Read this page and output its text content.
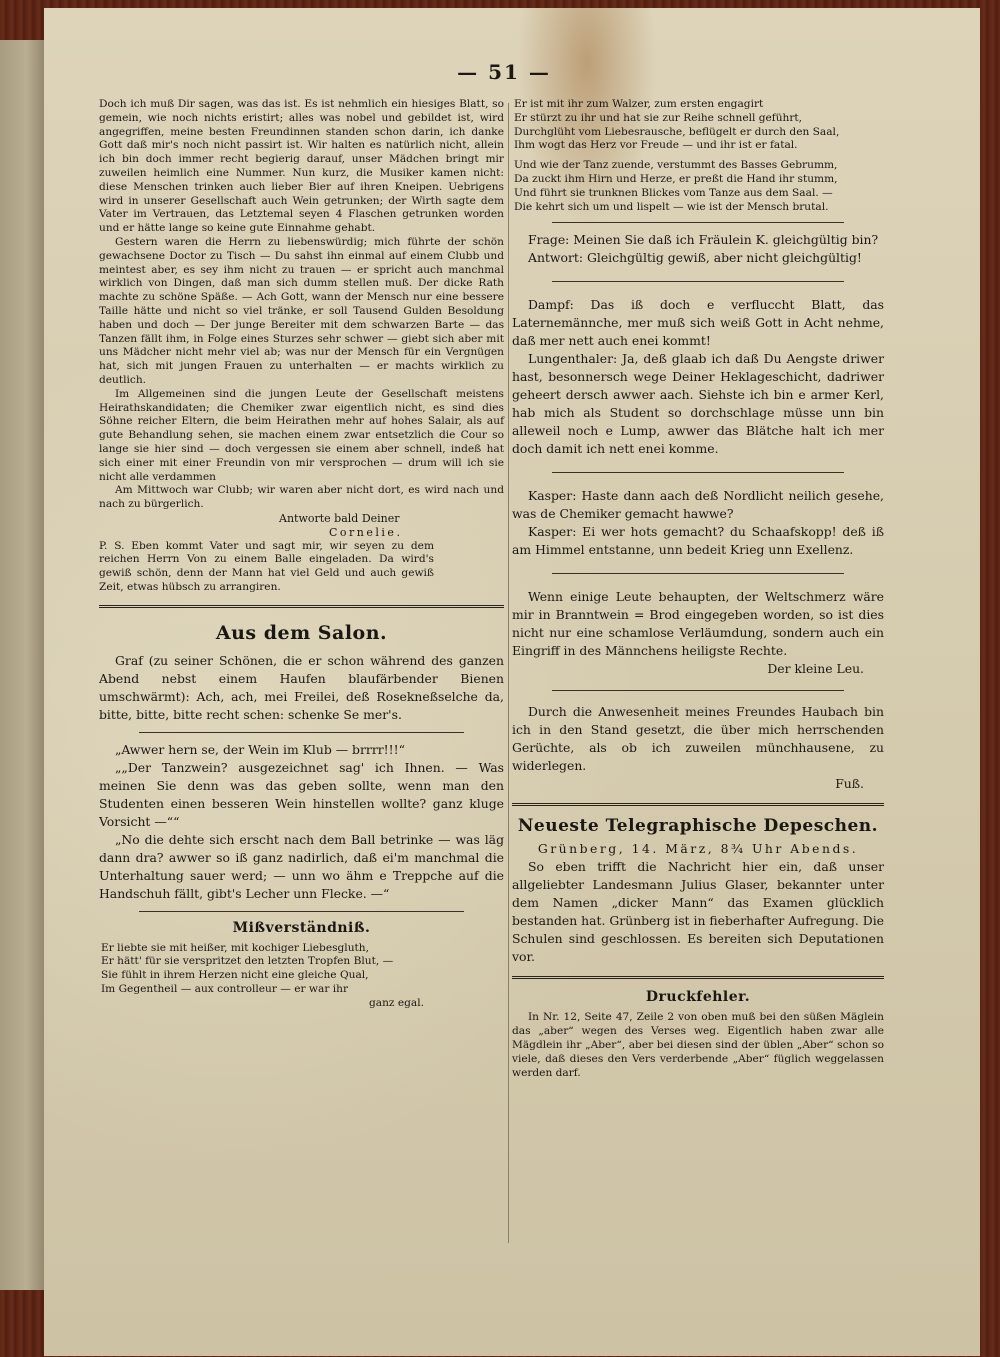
— 51 —

Doch ich muß Dir sagen, was das ist. Es ist nehmlich ein hiesiges Blatt, so gemein, wie noch nichts eristirt; alles was nobel und gebildet ist, wird angegriffen, meine besten Freundinnen standen schon darin, ich danke Gott daß mir's noch nicht passirt ist. Wir halten es natürlich nicht, allein ich bin doch immer recht begierig darauf, unser Mädchen bringt mir zuweilen heimlich eine Nummer. Nun kurz, die Musiker kamen nicht: diese Menschen trinken auch lieber Bier auf ihren Kneipen. Uebrigens wird in unserer Gesellschaft auch Wein getrunken; der Wirth sagte dem Vater im Vertrauen, das Letztemal seyen 4 Flaschen getrunken worden und er hätte lange so keine gute Einnahme gehabt.

Gestern waren die Herrn zu liebenswürdig; mich führte der schön gewachsene Doctor zu Tisch — Du sahst ihn einmal auf einem Clubb und meintest aber, es sey ihm nicht zu trauen — er spricht auch manchmal wirklich von Dingen, daß man sich dumm stellen muß. Der dicke Rath machte zu schöne Späße. — Ach Gott, wann der Mensch nur eine bessere Taille hätte und nicht so viel tränke, er soll Tausend Gulden Besoldung haben und doch — Der junge Bereiter mit dem schwarzen Barte — das Tanzen fällt ihm, in Folge eines Sturzes sehr schwer — giebt sich aber mit uns Mädcher nicht mehr viel ab; was nur der Mensch für ein Vergnügen hat, sich mit jungen Frauen zu unterhalten — er machts wirklich zu deutlich.

Im Allgemeinen sind die jungen Leute der Gesellschaft meistens Heirathskandidaten; die Chemiker zwar eigentlich nicht, es sind dies Söhne reicher Eltern, die beim Heirathen mehr auf hohes Salair, als auf gute Behandlung sehen, sie machen einem zwar entsetzlich die Cour so lange sie hier sind — doch vergessen sie einem aber schnell, indeß hat sich einer mit einer Freundin von mir versprochen — drum will ich sie nicht alle verdammen

Am Mittwoch war Clubb; wir waren aber nicht dort, es wird nach und nach zu bürgerlich.

Antworte bald Deiner
Cornelie.

P. S. Eben kommt Vater und sagt mir, wir seyen zu dem reichen Herrn Von zu einem Balle eingeladen. Da wird's gewiß schön, denn der Mann hat viel Geld und auch gewiß Zeit, etwas hübsch zu arrangiren.

Aus dem Salon.

Graf (zu seiner Schönen, die er schon während des ganzen Abend nebst einem Haufen blaufärbender Bienen umschwärmt): Ach, ach, mei Freilei, deß Rosekneßselche da, bitte, bitte, bitte recht schen: schenke Se mer's.

„Awwer hern se, der Wein im Klub — brrrr!!!“

„„Der Tanzwein? ausgezeichnet sag' ich Ihnen. — Was meinen Sie denn was das geben sollte, wenn man den Studenten einen besseren Wein hinstellen wollte? ganz kluge Vorsicht —““

„No die dehte sich erscht nach dem Ball betrinke — was läg dann dra? awwer so iß ganz nadirlich, daß ei'm manchmal die Unterhaltung sauer werd; — unn wo ähm e Treppche auf die Handschuh fällt, gibt's Lecher unn Flecke. —“

Mißverständniß.
Er liebte sie mit heißer, mit kochiger Liebesgluth,
Er hätt' für sie verspritzet den letzten Tropfen Blut, —
Sie fühlt in ihrem Herzen nicht eine gleiche Qual,
Im Gegentheil — aux controlleur — er war ihr
ganz egal.
Er ist mit ihr zum Walzer, zum ersten engagirt
Er stürzt zu ihr und hat sie zur Reihe schnell geführt,
Durchglüht vom Liebesrausche, beflügelt er durch den Saal,
Ihm wogt das Herz vor Freude — und ihr ist er fatal.
Und wie der Tanz zuende, verstummt des Basses Gebrumm,
Da zuckt ihm Hirn und Herze, er preßt die Hand ihr stumm,
Und führt sie trunknen Blickes vom Tanze aus dem Saal. —
Die kehrt sich um und lispelt — wie ist der Mensch brutal.

Frage: Meinen Sie daß ich Fräulein K. gleichgültig bin?

Antwort: Gleichgültig gewiß, aber nicht gleichgültig!

Dampf: Das iß doch e verfluccht Blatt, das Laternemännche, mer muß sich weiß Gott in Acht nehme, daß mer nett auch enei kommt!

Lungenthaler: Ja, deß glaab ich daß Du Aengste driwer hast, besonnersch wege Deiner Heklageschicht, dadriwer geheert dersch awwer aach. Siehste ich bin e armer Kerl, hab mich als Student so dorchschlage müsse unn bin alleweil noch e Lump, awwer das Blätche halt ich mer doch damit ich nett enei komme.

Kasper: Haste dann aach deß Nordlicht neilich gesehe, was de Chemiker gemacht hawwe?

Kasper: Ei wer hots gemacht? du Schaafskopp! deß iß am Himmel entstanne, unn bedeit Krieg unn Exellenz.

Wenn einige Leute behaupten, der Weltschmerz wäre mir in Branntwein = Brod eingegeben worden, so ist dies nicht nur eine schamlose Verläumdung, sondern auch ein Eingriff in des Männchens heiligste Rechte.

Der kleine Leu.

Durch die Anwesenheit meines Freundes Haubach bin ich in den Stand gesetzt, die über mich herrschenden Gerüchte, als ob ich zuweilen münchhausene, zu widerlegen.

Fuß.
Neueste Telegraphische Depeschen.
Grünberg, 14. März, 8¾ Uhr Abends.

So eben trifft die Nachricht hier ein, daß unser allgeliebter Landesmann Julius Glaser, bekannter unter dem Namen „dicker Mann“ das Examen glücklich bestanden hat. Grünberg ist in fieberhafter Aufregung. Die Schulen sind geschlossen. Es bereiten sich Deputationen vor.

Druckfehler.

In Nr. 12, Seite 47, Zeile 2 von oben muß bei den süßen Mäglein das „aber“ wegen des Verses weg. Eigentlich haben zwar alle Mägdlein ihr „Aber“, aber bei diesen sind der üblen „Aber“ schon so viele, daß dieses den Vers verderbende „Aber“ füglich weggelassen werden darf.
